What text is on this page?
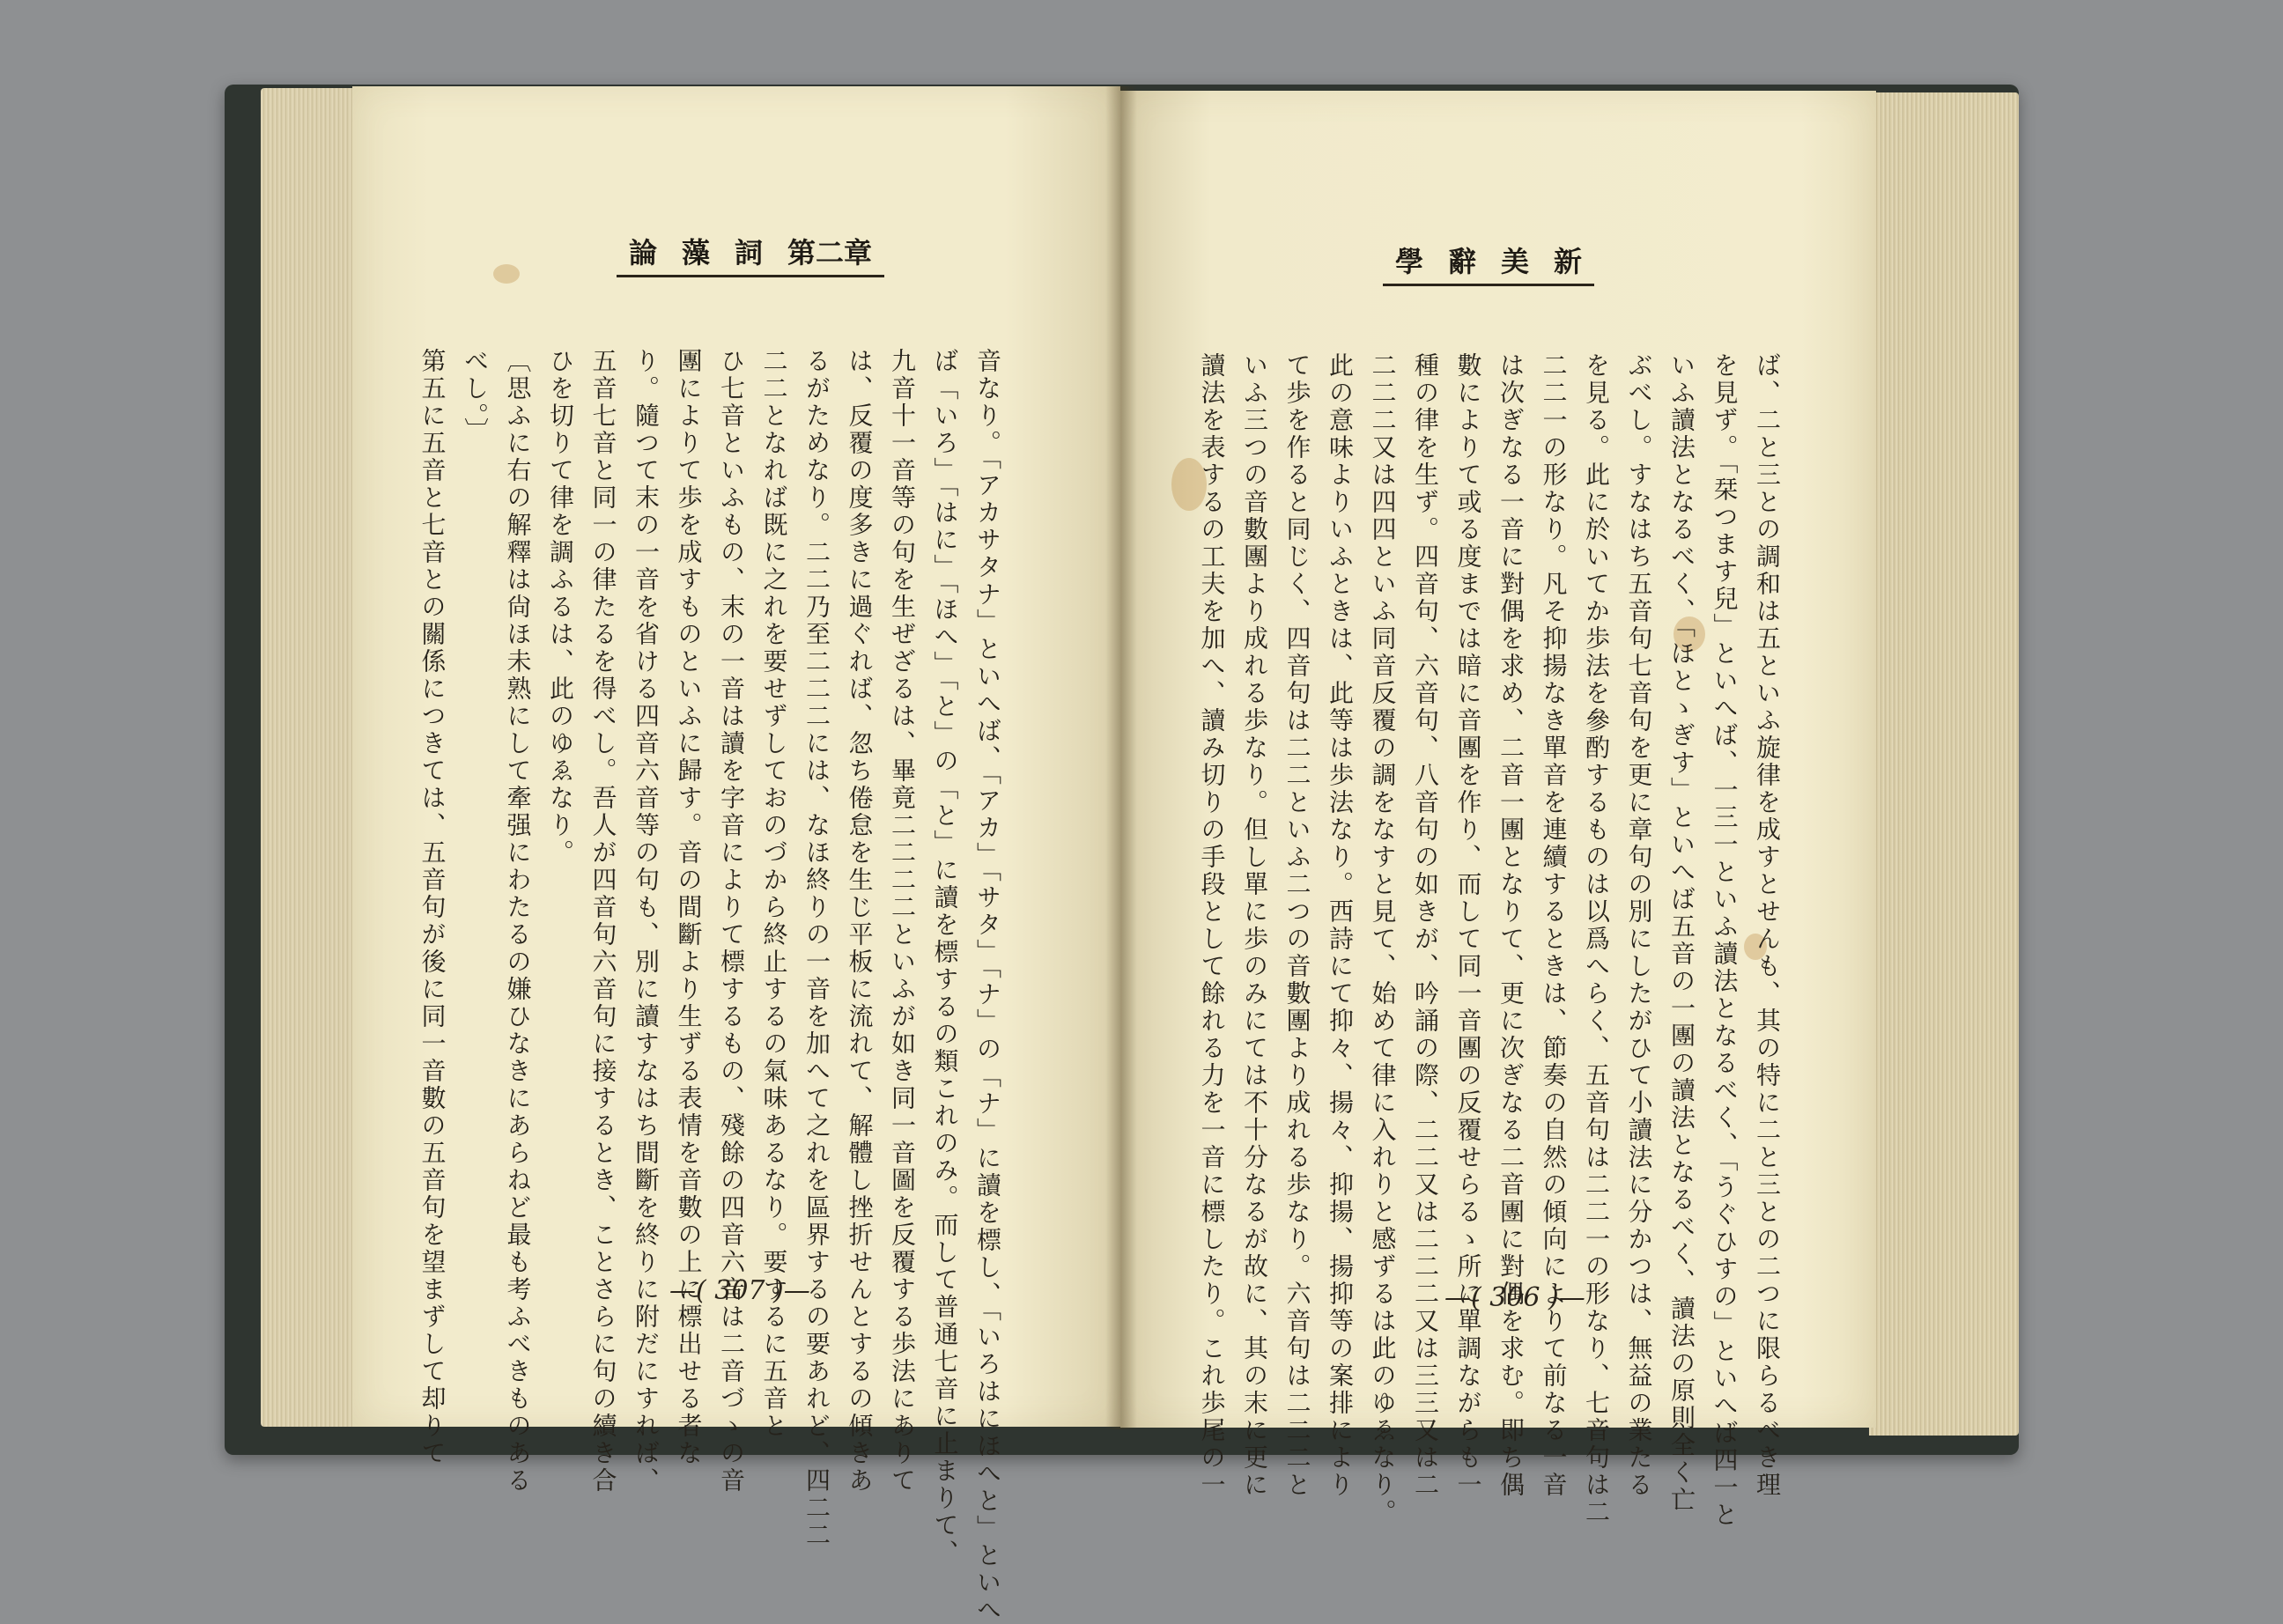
第二章
詞
藻
論	新
美
辭
學

音なり。「アカサタナ」といへば、「アカ」「サタ」「ナ」の「ナ」に讀を標し、「いろはにほへと」といへ

ば「いろ」「はに」「ほへ」「と」の「と」に讀を標するの類これのみ。而して普通七音に止まりて、

九音十一音等の句を生ぜざるは、畢竟二二二二といふが如き同一音圖を反覆する歩法にありて

は、反覆の度多きに過ぐれば、忽ち倦怠を生じ平板に流れて、解體し挫折せんとするの傾きあ

るがためなり。二二乃至二二二には、なほ終りの一音を加へて之れを區界するの要あれど、四二二

二二となれば既に之れを要せずしておのづから終止するの氣味あるなり。要するに五音と

ひ七音といふもの、末の一音は讀を字音によりて標するもの、殘餘の四音六音は二音づゝの音

團によりて歩を成すものといふに歸す。音の間斷より生ずる表情を音數の上に標出せる者な

り。隨つて末の一音を省ける四音六音等の句も、別に讀すなはち間斷を終りに附だにすれば、

五音七音と同一の律たるを得べし。吾人が四音句六音句に接するとき、ことさらに句の續き合

ひを切りて律を調ふるは、此のゆゑなり。

〔思ふに右の解釋は尙ほ未熟にして牽强にわたるの嫌ひなきにあらねど最も考ふべきものある

べし。〕

第五に五音と七音との關係につきては、五音句が後に同一音數の五音句を望まずして却りて	ば、二と三との調和は五といふ旋律を成すとせんも、其の特に二と三との二つに限らるべき理

を見ず。「栞つます兒」といへば、一三一といふ讀法となるべく、「うぐひすの」といへば四一と

いふ讀法となるべく、「ほとゝぎす」といへば五音の一團の讀法となるべく、讀法の原則全く亡

ぶべし。すなはち五音句七音句を更に章句の別にしたがひて小讀法に分かつは、無益の業たる

を見る。此に於いてか歩法を參酌するものは以爲へらく、五音句は二二一の形なり、七音句は二

二二一の形なり。凡そ抑揚なき單音を連續するときは、節奏の自然の傾向によりて前なる一音

は次ぎなる一音に對偶を求め、二音一團となりて、更に次ぎなる二音團に對偶を求む。即ち偶

數によりて或る度までは暗に音團を作り、而して同一音團の反覆せらるゝ所に單調ながらも一

種の律を生ず。四音句、六音句、八音句の如きが、吟誦の際、二二又は二二二又は三三又は二

二二二又は四四といふ同音反覆の調をなすと見て、始めて律に入れりと感ずるは此のゆゑなり。

此の意味よりいふときは、此等は歩法なり。西詩にて抑々、揚々、抑揚、揚抑等の案排により

て歩を作ると同じく、四音句は二二といふ二つの音數團より成れる歩なり。六音句は二二二と

いふ三つの音數團より成れる歩なり。但し單に歩のみにては不十分なるが故に、其の末に更に

讀法を表するの工夫を加へ、讀み切りの手段として餘れる力を一音に標したり。これ歩尾の一

—( 307 )—	—( 306 )—
